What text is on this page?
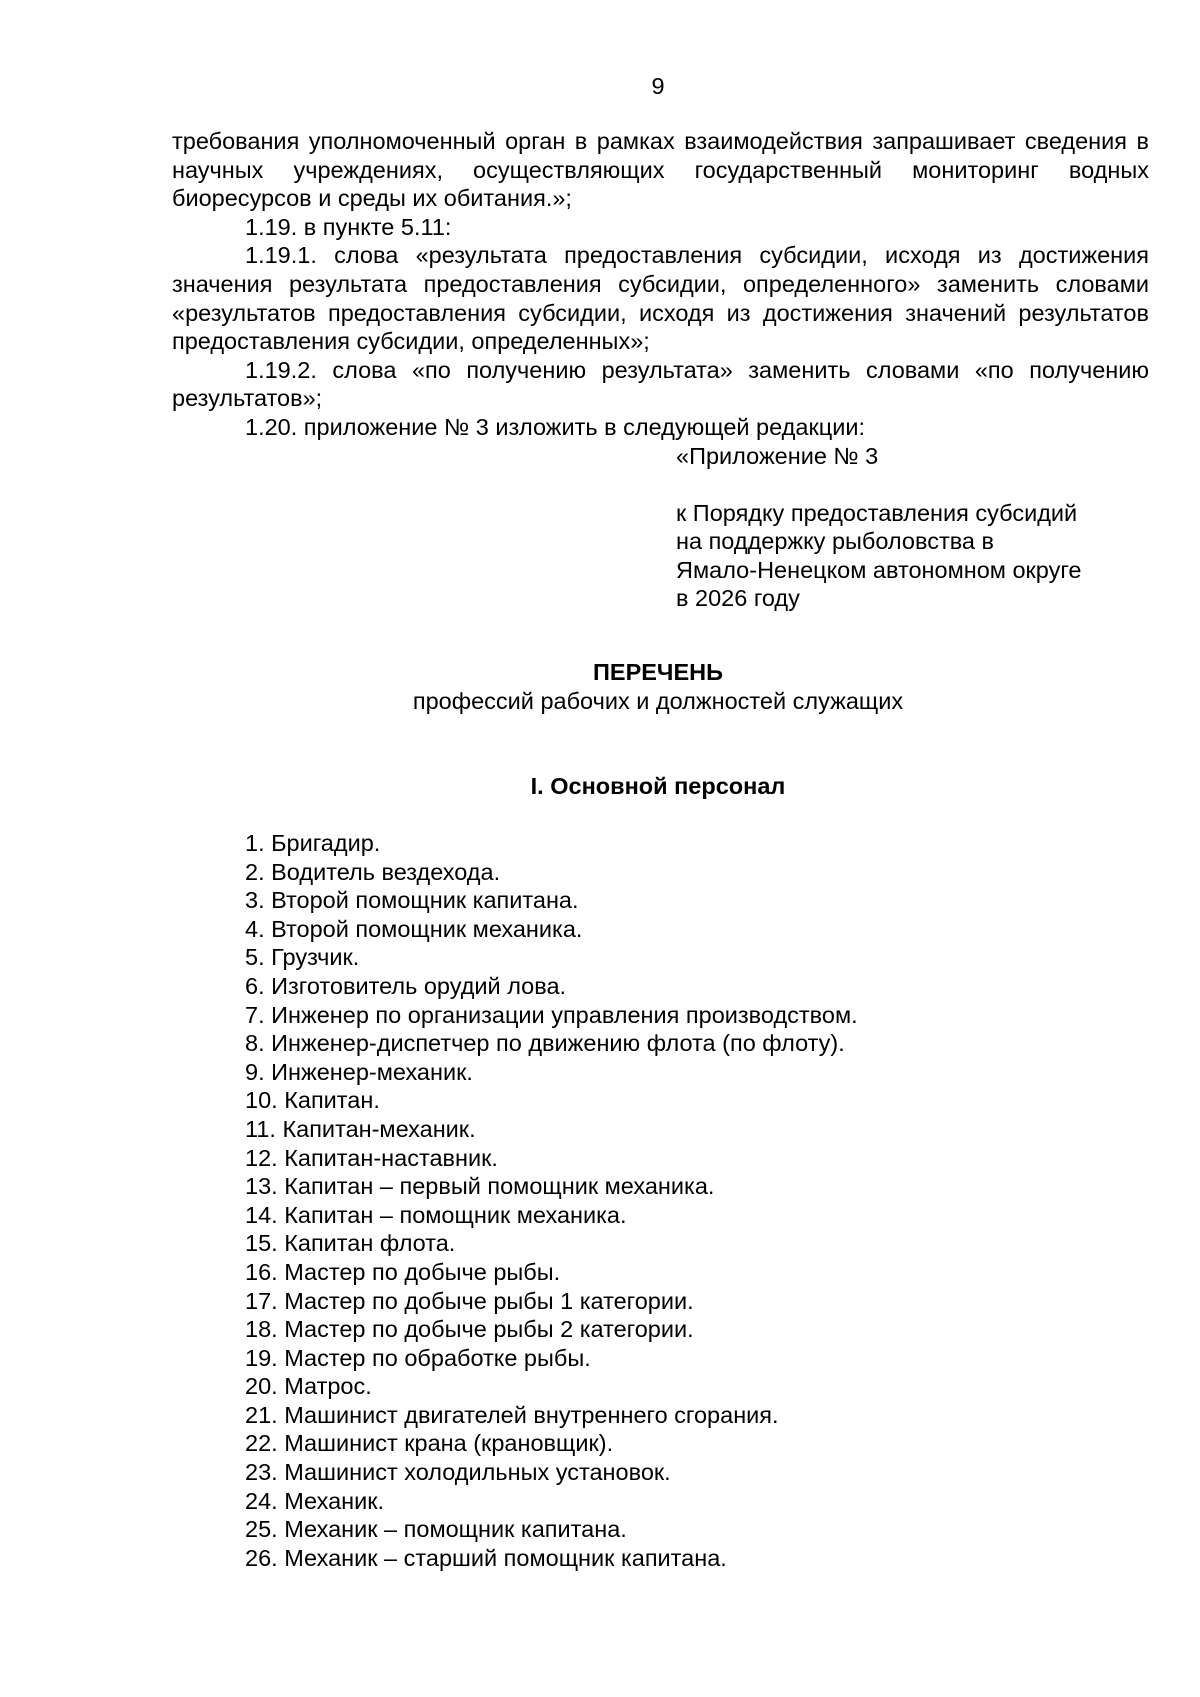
9

требования уполномоченный орган в рамках взаимодействия запрашивает сведения в научных учреждениях, осуществляющих государственный мониторинг водных биоресурсов и среды их обитания.»;

1.19. в пункте 5.11:

1.19.1. слова «результата предоставления субсидии, исходя из достижения значения результата предоставления субсидии, определенного» заменить словами «результатов предоставления субсидии, исходя из достижения значений результатов предоставления субсидии, определенных»;

1.19.2. слова «по получению результата» заменить словами «по получению результатов»;

1.20. приложение № 3 изложить в следующей редакции:

«Приложение № 3

к Порядку предоставления субсидий

на поддержку рыболовства в

Ямало-Ненецком автономном округе

в 2026 году

ПЕРЕЧЕНЬ
профессий рабочих и должностей служащих
I. Основной персонал
1. Бригадир.
2. Водитель вездехода.
3. Второй помощник капитана.
4. Второй помощник механика.
5. Грузчик.
6. Изготовитель орудий лова.
7. Инженер по организации управления производством.
8. Инженер-диспетчер по движению флота (по флоту).
9. Инженер-механик.
10. Капитан.
11. Капитан-механик.
12. Капитан-наставник.
13. Капитан – первый помощник механика.
14. Капитан – помощник механика.
15. Капитан флота.
16. Мастер по добыче рыбы.
17. Мастер по добыче рыбы 1 категории.
18. Мастер по добыче рыбы 2 категории.
19. Мастер по обработке рыбы.
20. Матрос.
21. Машинист двигателей внутреннего сгорания.
22. Машинист крана (крановщик).
23. Машинист холодильных установок.
24. Механик.
25. Механик – помощник капитана.
26. Механик – старший помощник капитана.
